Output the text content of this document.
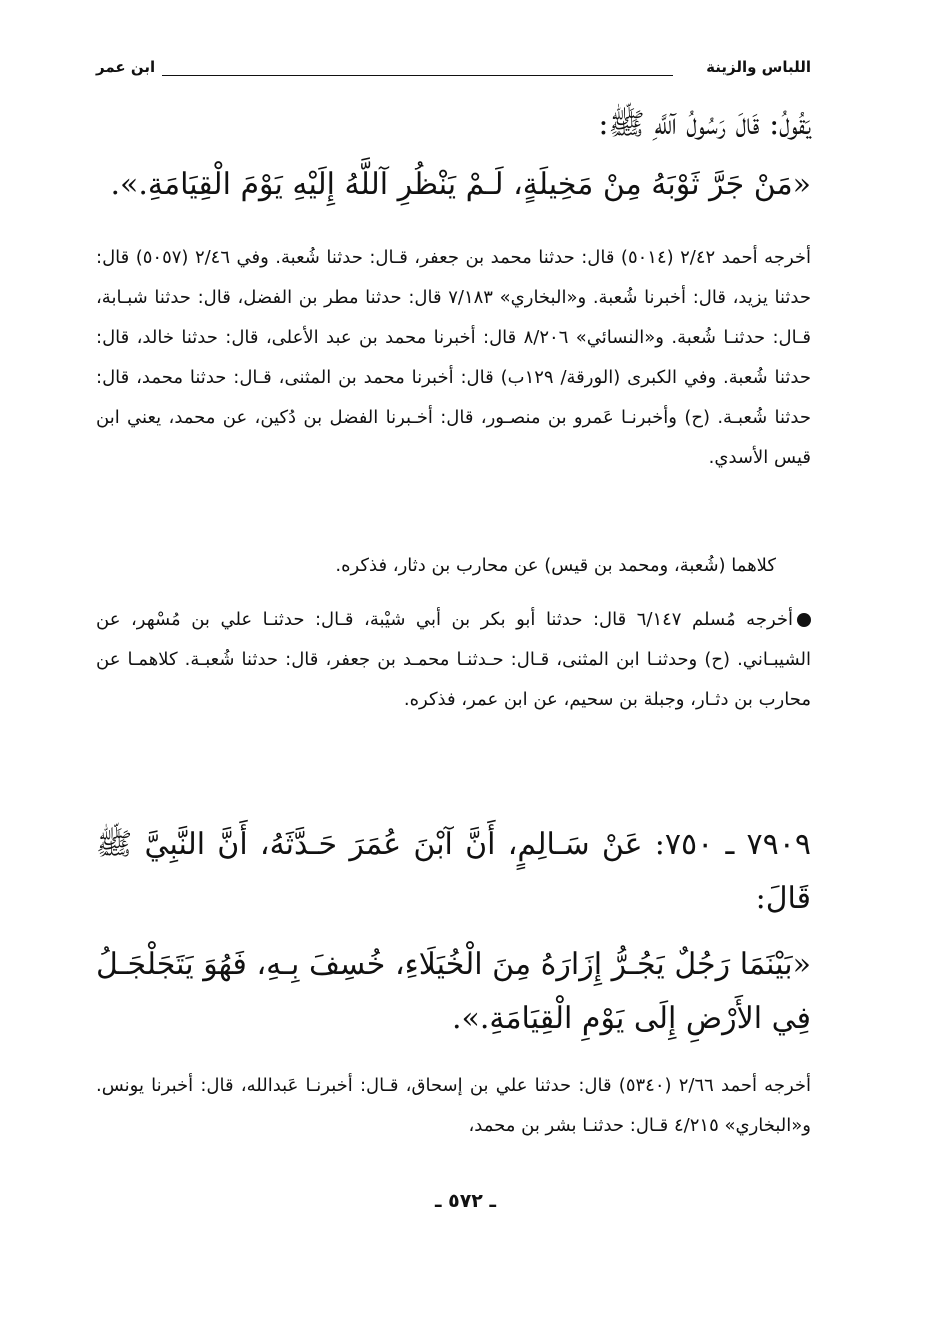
اللباس والزينة
ابن عمر

يَقُولُ: قَالَ رَسُولُ آللَّهِ ﷺ:

«مَنْ جَرَّ ثَوْبَهُ مِنْ مَخِيلَةٍ، لَـمْ يَنْظُرِ آللَّهُ إِلَيْهِ يَوْمَ الْقِيَامَةِ.».

أخرجه أحمد ٢/٤٢ (٥٠١٤) قال: حدثنا محمد بن جعفر، قـال: حدثنا شُعبة. وفي ٢/٤٦ (٥٠٥٧) قال: حدثنا يزيد، قال: أخبرنا شُعبة. و«البخاري» ٧/١٨٣ قال: حدثنا مطر بن الفضل، قال: حدثنا شبـابة، قـال: حدثنـا شُعبة. و«النسائي» ٨/٢٠٦ قال: أخبرنا محمد بن عبد الأعلى، قال: حدثنا خالد، قال: حدثنا شُعبة. وفي الكبرى (الورقة/ ١٢٩ب) قال: أخبرنا محمد بن المثنى، قـال: حدثنا محمد، قال: حدثنا شُعبـة. (ح) وأخبرنـا عَمرو بن منصـور، قال: أخـبرنا الفضل بن دُكين، عن محمد، يعني ابن قيس الأسدي.

كلاهما (شُعبة، ومحمد بن قيس) عن محارب بن دثار، فذكره.

أخرجه مُسلم ٦/١٤٧ قال: حدثنا أبو بكر بن أبي شيْبة، قـال: حدثنـا علي بن مُسْهر، عن الشيبـاني. (ح) وحدثنـا ابن المثنى، قـال: حـدثنـا محمـد بن جعفر، قال: حدثنا شُعبـة. كلاهمـا عن محارب بن دثـار، وجبلة بن سحيم، عن ابن عمر، فذكره.

٧٩٠٩ ـ ٧٥٠: عَنْ سَـالِمٍ، أَنَّ آبْنَ عُمَرَ حَـدَّثَهُ، أَنَّ النَّبِيَّ ﷺ قَالَ:

«بَيْنَمَا رَجُلٌ يَجُـرُّ إِزَارَهُ مِنَ الْخُيَلَاءِ، خُسِفَ بِـهِ، فَهُوَ يَتَجَلْجَـلُ فِي الأَرْضِ إِلَى يَوْمِ الْقِيَامَةِ.».

أخرجه أحمد ٢/٦٦ (٥٣٤٠) قال: حدثنا علي بن إسحاق، قـال: أخبرنـا عَبدالله، قال: أخبرنا يونس. و«البخاري» ٤/٢١٥ قـال: حدثنـا بشر بن محمد،

ـ ٥٧٢ ـ
